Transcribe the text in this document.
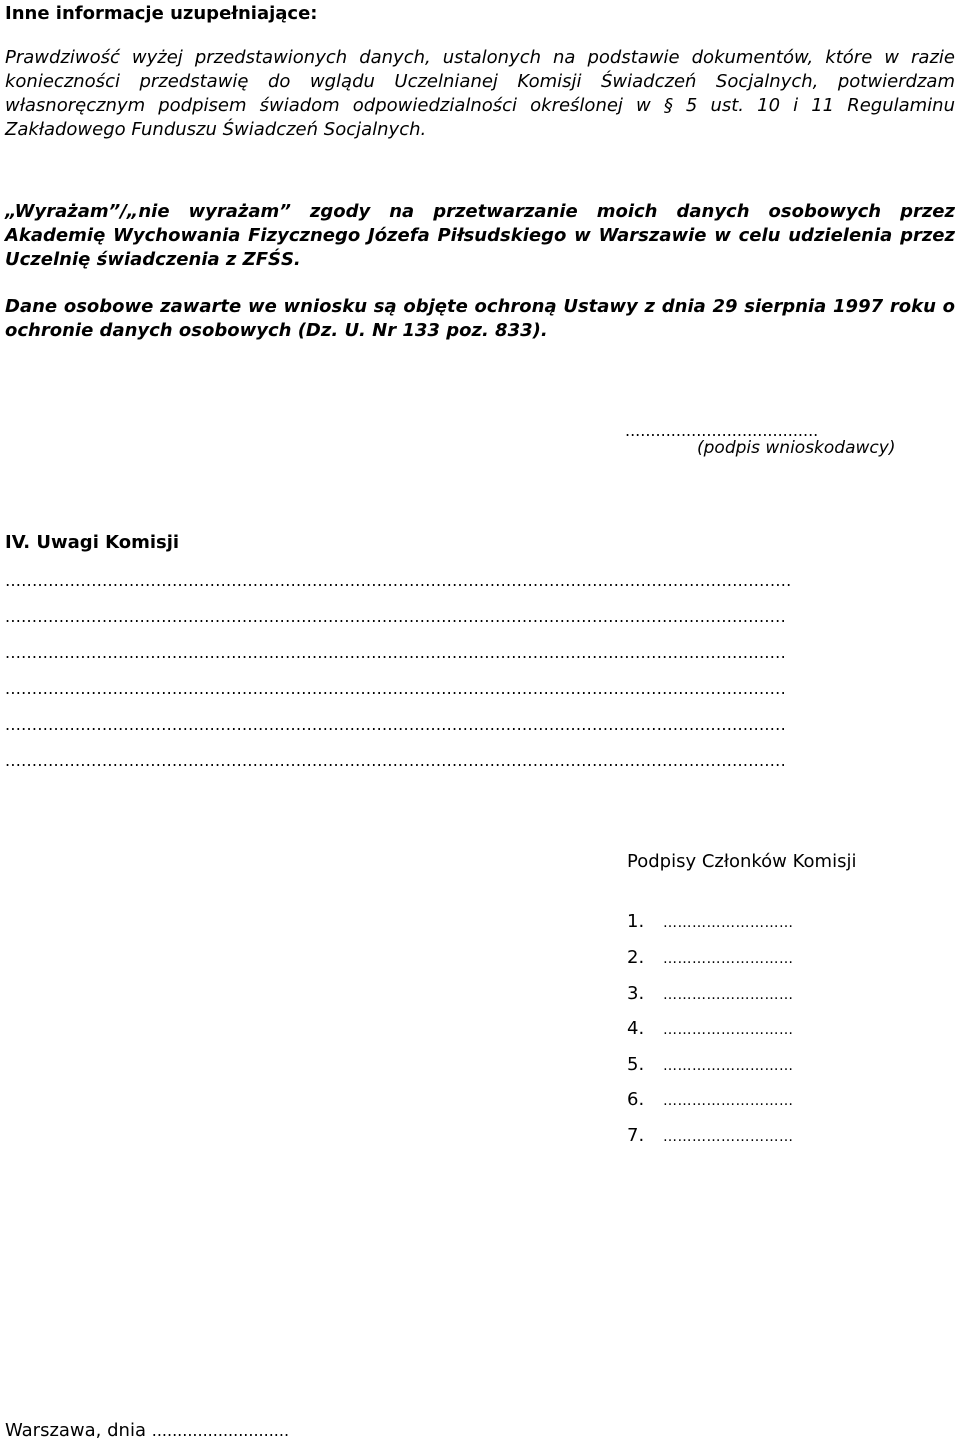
Inne informacje uzupełniające:
Prawdziwość wyżej przedstawionych danych, ustalonych na podstawie dokumentów, które w razie konieczności przedstawię do wglądu Uczelnianej Komisji Świadczeń Socjalnych, potwierdzam własnoręcznym podpisem świadom odpowiedzialności określonej w § 5 ust. 10 i 11 Regulaminu Zakładowego Funduszu Świadczeń Socjalnych.
„Wyrażam”/„nie wyrażam” zgody na przetwarzanie moich danych osobowych przez Akademię Wychowania Fizycznego Józefa Piłsudskiego w Warszawie w celu udzielenia przez Uczelnię świadczenia z ZFŚS.
Dane osobowe zawarte we wniosku są objęte ochroną Ustawy z dnia 29 sierpnia 1997 roku o ochronie danych osobowych (Dz. U. Nr 133 poz. 833).
......................................
(podpis wnioskodawcy)
IV. Uwagi Komisji
…...............................................................................................................................................
.................................................................................................................................................
.................................................................................................................................................
.................................................................................................................................................
.................................................................................................................................................
.................................................................................................................................................
Podpisy Członków Komisji
1. ………………………
2. ………………………
3. ………………………
4. ………………………
5. ………………………
6. ………………………
7. ………………………
Warszawa, dnia ...........................
